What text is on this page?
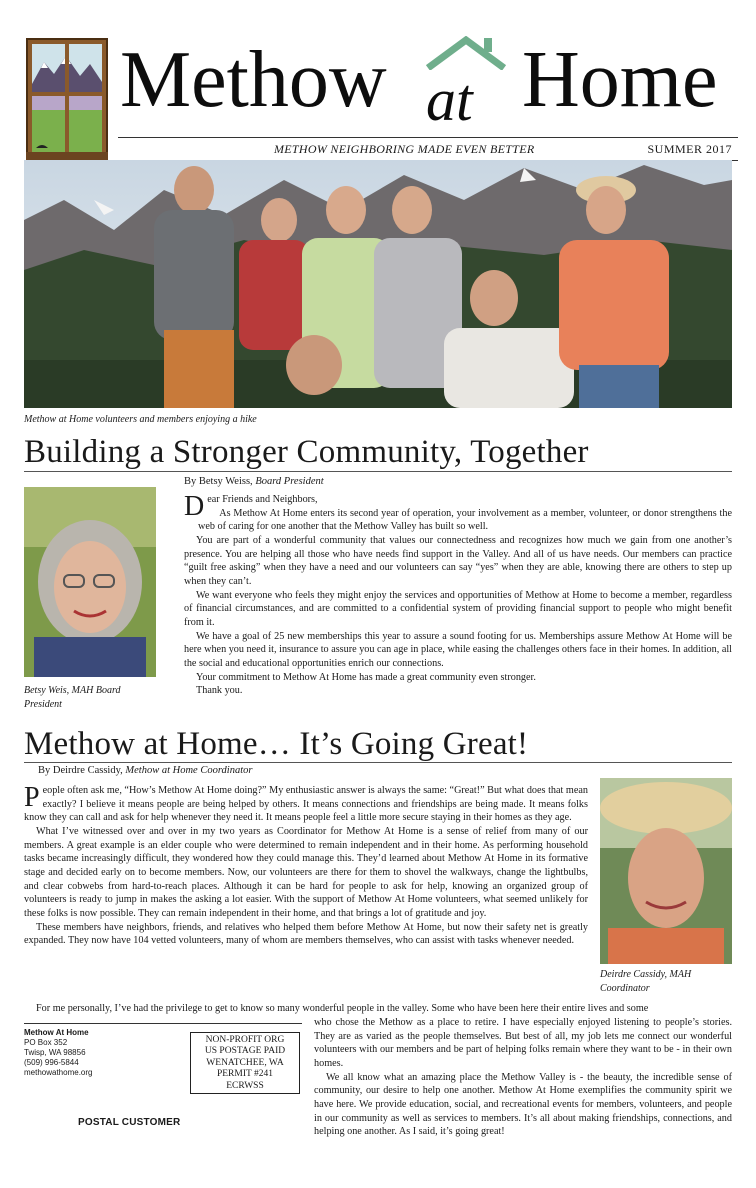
Methow at Home
METHOW NEIGHBORING MADE EVEN BETTER	SUMMER 2017
Methow at Home volunteers and members enjoying a hike
Building a Stronger Community, Together
By Betsy Weiss, Board President
Betsy Weis, MAH Board President

Dear Friends and Neighbors,

As Methow At Home enters its second year of operation, your involvement as a member, volunteer, or donor strengthens the web of caring for one another that the Methow Valley has built so well.

You are part of a wonderful community that values our connectedness and recognizes how much we gain from one another’s presence. You are helping all those who have needs find support in the Valley. And all of us have needs. Our members can practice “guilt free asking” when they have a need and our volunteers can say “yes” when they are able, knowing there are others to step up when they can’t.

We want everyone who feels they might enjoy the services and opportunities of Methow at Home to become a member, regardless of financial circumstances, and are committed to a confidential system of providing financial support to people who might benefit from it.

We have a goal of 25 new memberships this year to assure a sound footing for us. Memberships assure Methow At Home will be here when you need it, insurance to assure you can age in place, while easing the challenges others face in their homes. In addition, all the social and educational opportunities enrich our connections.

Your commitment to Methow At Home has made a great community even stronger.

Thank you.

Methow at Home… It’s Going Great!
By Deirdre Cassidy, Methow at Home Coordinator
Deirdre Cassidy, MAH Coordinator

People often ask me, “How’s Methow At Home doing?” My enthusiastic answer is always the same: “Great!” But what does that mean exactly? I believe it means people are being helped by others. It means connections and friendships are being made. It means folks know they can call and ask for help whenever they need it. It means people feel a little more secure staying in their homes as they age.

What I’ve witnessed over and over in my two years as Coordinator for Methow At Home is a sense of relief from many of our members. A great example is an elder couple who were determined to remain independent and in their home. As performing household tasks became increasingly difficult, they wondered how they could manage this. They’d learned about Methow At Home in its formative stage and decided early on to become members. Now, our volunteers are there for them to shovel the walkways, change the lightbulbs, and clear cobwebs from hard-to-reach places. Although it can be hard for people to ask for help, knowing an organized group of volunteers is ready to jump in makes the asking a lot easier. With the support of Methow At Home volunteers, what seemed unlikely for these folks is now possible. They can remain independent in their home, and that brings a lot of gratitude and joy.

These members have neighbors, friends, and relatives who helped them before Methow At Home, but now their safety net is greatly expanded. They now have 104 vetted volunteers, many of whom are members themselves, who can assist with tasks whenever needed.

For me personally, I’ve had the privilege to get to know so many wonderful people in the valley. Some who have been here their entire lives and some

who chose the Methow as a place to retire. I have especially enjoyed listening to people’s stories. They are as varied as the people themselves. But best of all, my job lets me connect our wonderful volunteers with our members and be part of helping folks remain where they want to be - in their own homes.

We all know what an amazing place the Methow Valley is - the beauty, the incredible sense of community, our desire to help one another. Methow At Home exemplifies the community spirit we have here. We provide education, social, and recreational events for members, volunteers, and people in our community as well as services to members. It’s all about making friendships, connections, and helping one another. As I said, it’s going great!

Methow At Home
PO Box 352
Twisp, WA 98856
(509) 996-5844
methowathome.org
NON-PROFIT ORG
US POSTAGE PAID
WENATCHEE, WA
PERMIT #241
ECRWSS
POSTAL CUSTOMER
